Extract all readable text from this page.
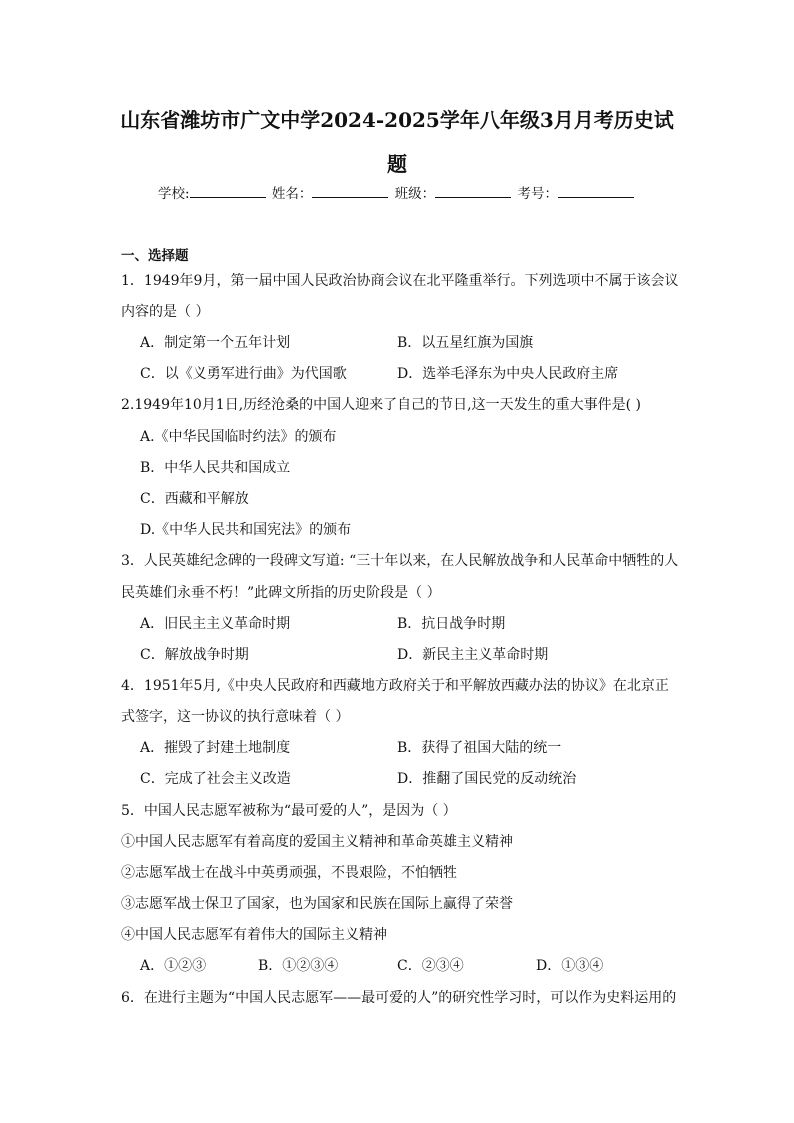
山东省潍坊市广文中学2024-2025学年八年级3月月考历史试
题
学校:	姓名：	班级：	考号：
一、选择题
1．1949年9月，第一届中国人民政治协商会议在北平隆重举行。下列选项中不属于该会议
内容的是（ ）
A．制定第一个五年计划	B．以五星红旗为国旗
C．以《义勇军进行曲》为代国歌	D．选举毛泽东为中央人民政府主席
2.1949年10月1日,历经沧桑的中国人迎来了自己的节日,这一天发生的重大事件是( )
A.《中华民国临时约法》的颁布
B．中华人民共和国成立
C．西藏和平解放
D.《中华人民共和国宪法》的颁布
3．人民英雄纪念碑的一段碑文写道: “三十年以来，在人民解放战争和人民革命中牺牲的人
民英雄们永垂不朽！”此碑文所指的历史阶段是（ ）
A．旧民主主义革命时期	B．抗日战争时期
C．解放战争时期	D．新民主主义革命时期
4．1951年5月,《中央人民政府和西藏地方政府关于和平解放西藏办法的协议》在北京正
式签字，这一协议的执行意味着（ ）
A．摧毁了封建土地制度	B．获得了祖国大陆的统一
C．完成了社会主义改造	D．推翻了国民党的反动统治
5．中国人民志愿军被称为“最可爱的人”，是因为（ ）
①中国人民志愿军有着高度的爱国主义精神和革命英雄主义精神
②志愿军战士在战斗中英勇顽强，不畏艰险，不怕牺牲
③志愿军战士保卫了国家，也为国家和民族在国际上赢得了荣誉
④中国人民志愿军有着伟大的国际主义精神
A．①②③	B．①②③④	C．②③④	D．①③④
6．在进行主题为“中国人民志愿军——最可爱的人”的研究性学习时，可以作为史料运用的
